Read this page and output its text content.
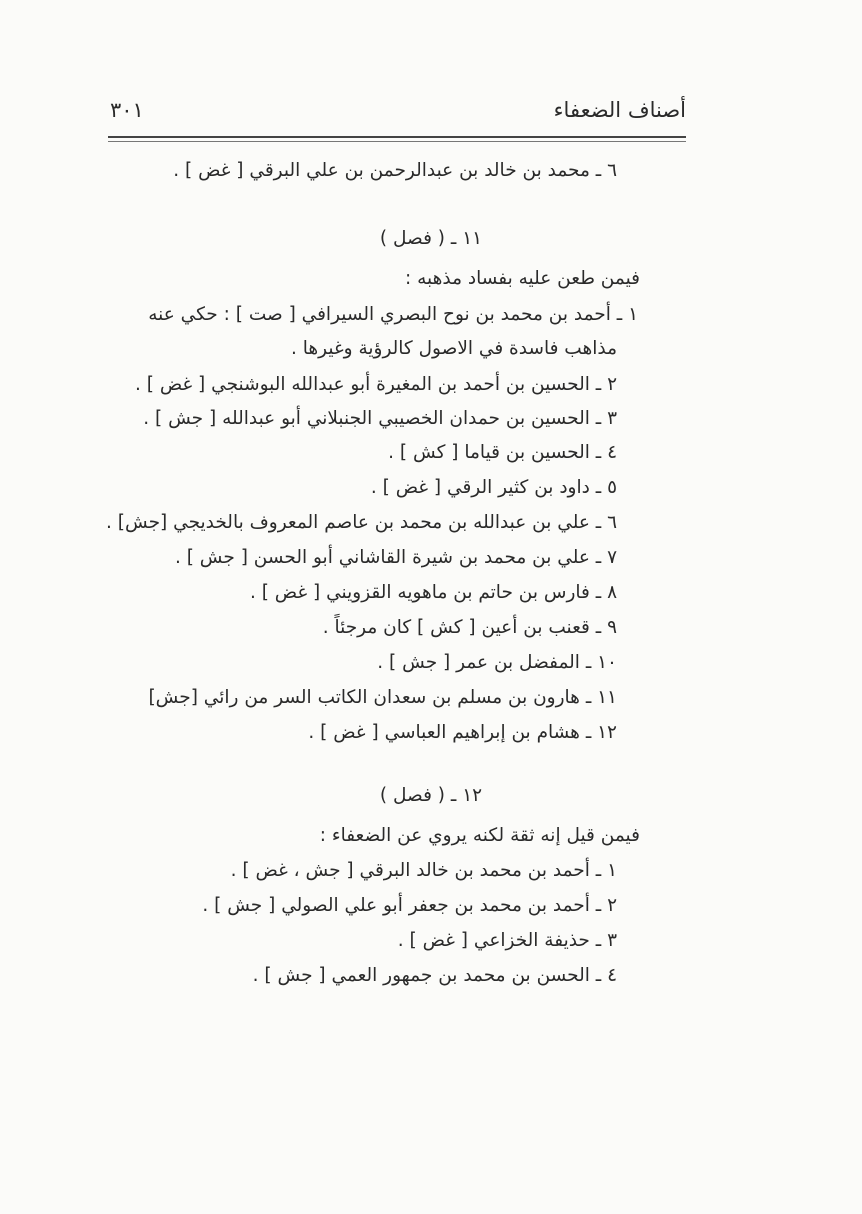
أصناف الضعفاء
٣٠١
٦ ـ محمد بن خالد بن عبدالرحمن بن علي البرقي [ غض ] .
١١ ـ ( فصل )
فيمن طعن عليه بفساد مذهبه :
١ ـ أحمد بن محمد بن نوح البصري السيرافي [ صت ] : حكي عنه
مذاهب فاسدة في الاصول كالرؤية وغيرها .
٢ ـ الحسين بن أحمد بن المغيرة أبو عبدالله البوشنجي [ غض ] .
٣ ـ الحسين بن حمدان الخصيبي الجنبلاني أبو عبدالله [ جش ] .
٤ ـ الحسين بن قياما [ كش ] .
٥ ـ داود بن كثير الرقي [ غض ] .
٦ ـ علي بن عبدالله بن محمد بن عاصم المعروف بالخديجي [جش] .
٧ ـ علي بن محمد بن شيرة القاشاني أبو الحسن [ جش ] .
٨ ـ فارس بن حاتم بن ماهويه القزويني [ غض ] .
٩ ـ قعنب بن أعين [ كش ] كان مرجئاً .
١٠ ـ المفضل بن عمر [ جش ] .
١١ ـ هارون بن مسلم بن سعدان الكاتب السر من رائي [جش]
١٢ ـ هشام بن إبراهيم العباسي [ غض ] .
١٢ ـ ( فصل )
فيمن قيل إنه ثقة لكنه يروي عن الضعفاء :
١ ـ أحمد بن محمد بن خالد البرقي [ جش ، غض ] .
٢ ـ أحمد بن محمد بن جعفر أبو علي الصولي [ جش ] .
٣ ـ حذيفة الخزاعي [ غض ] .
٤ ـ الحسن بن محمد بن جمهور العمي [ جش ] .
